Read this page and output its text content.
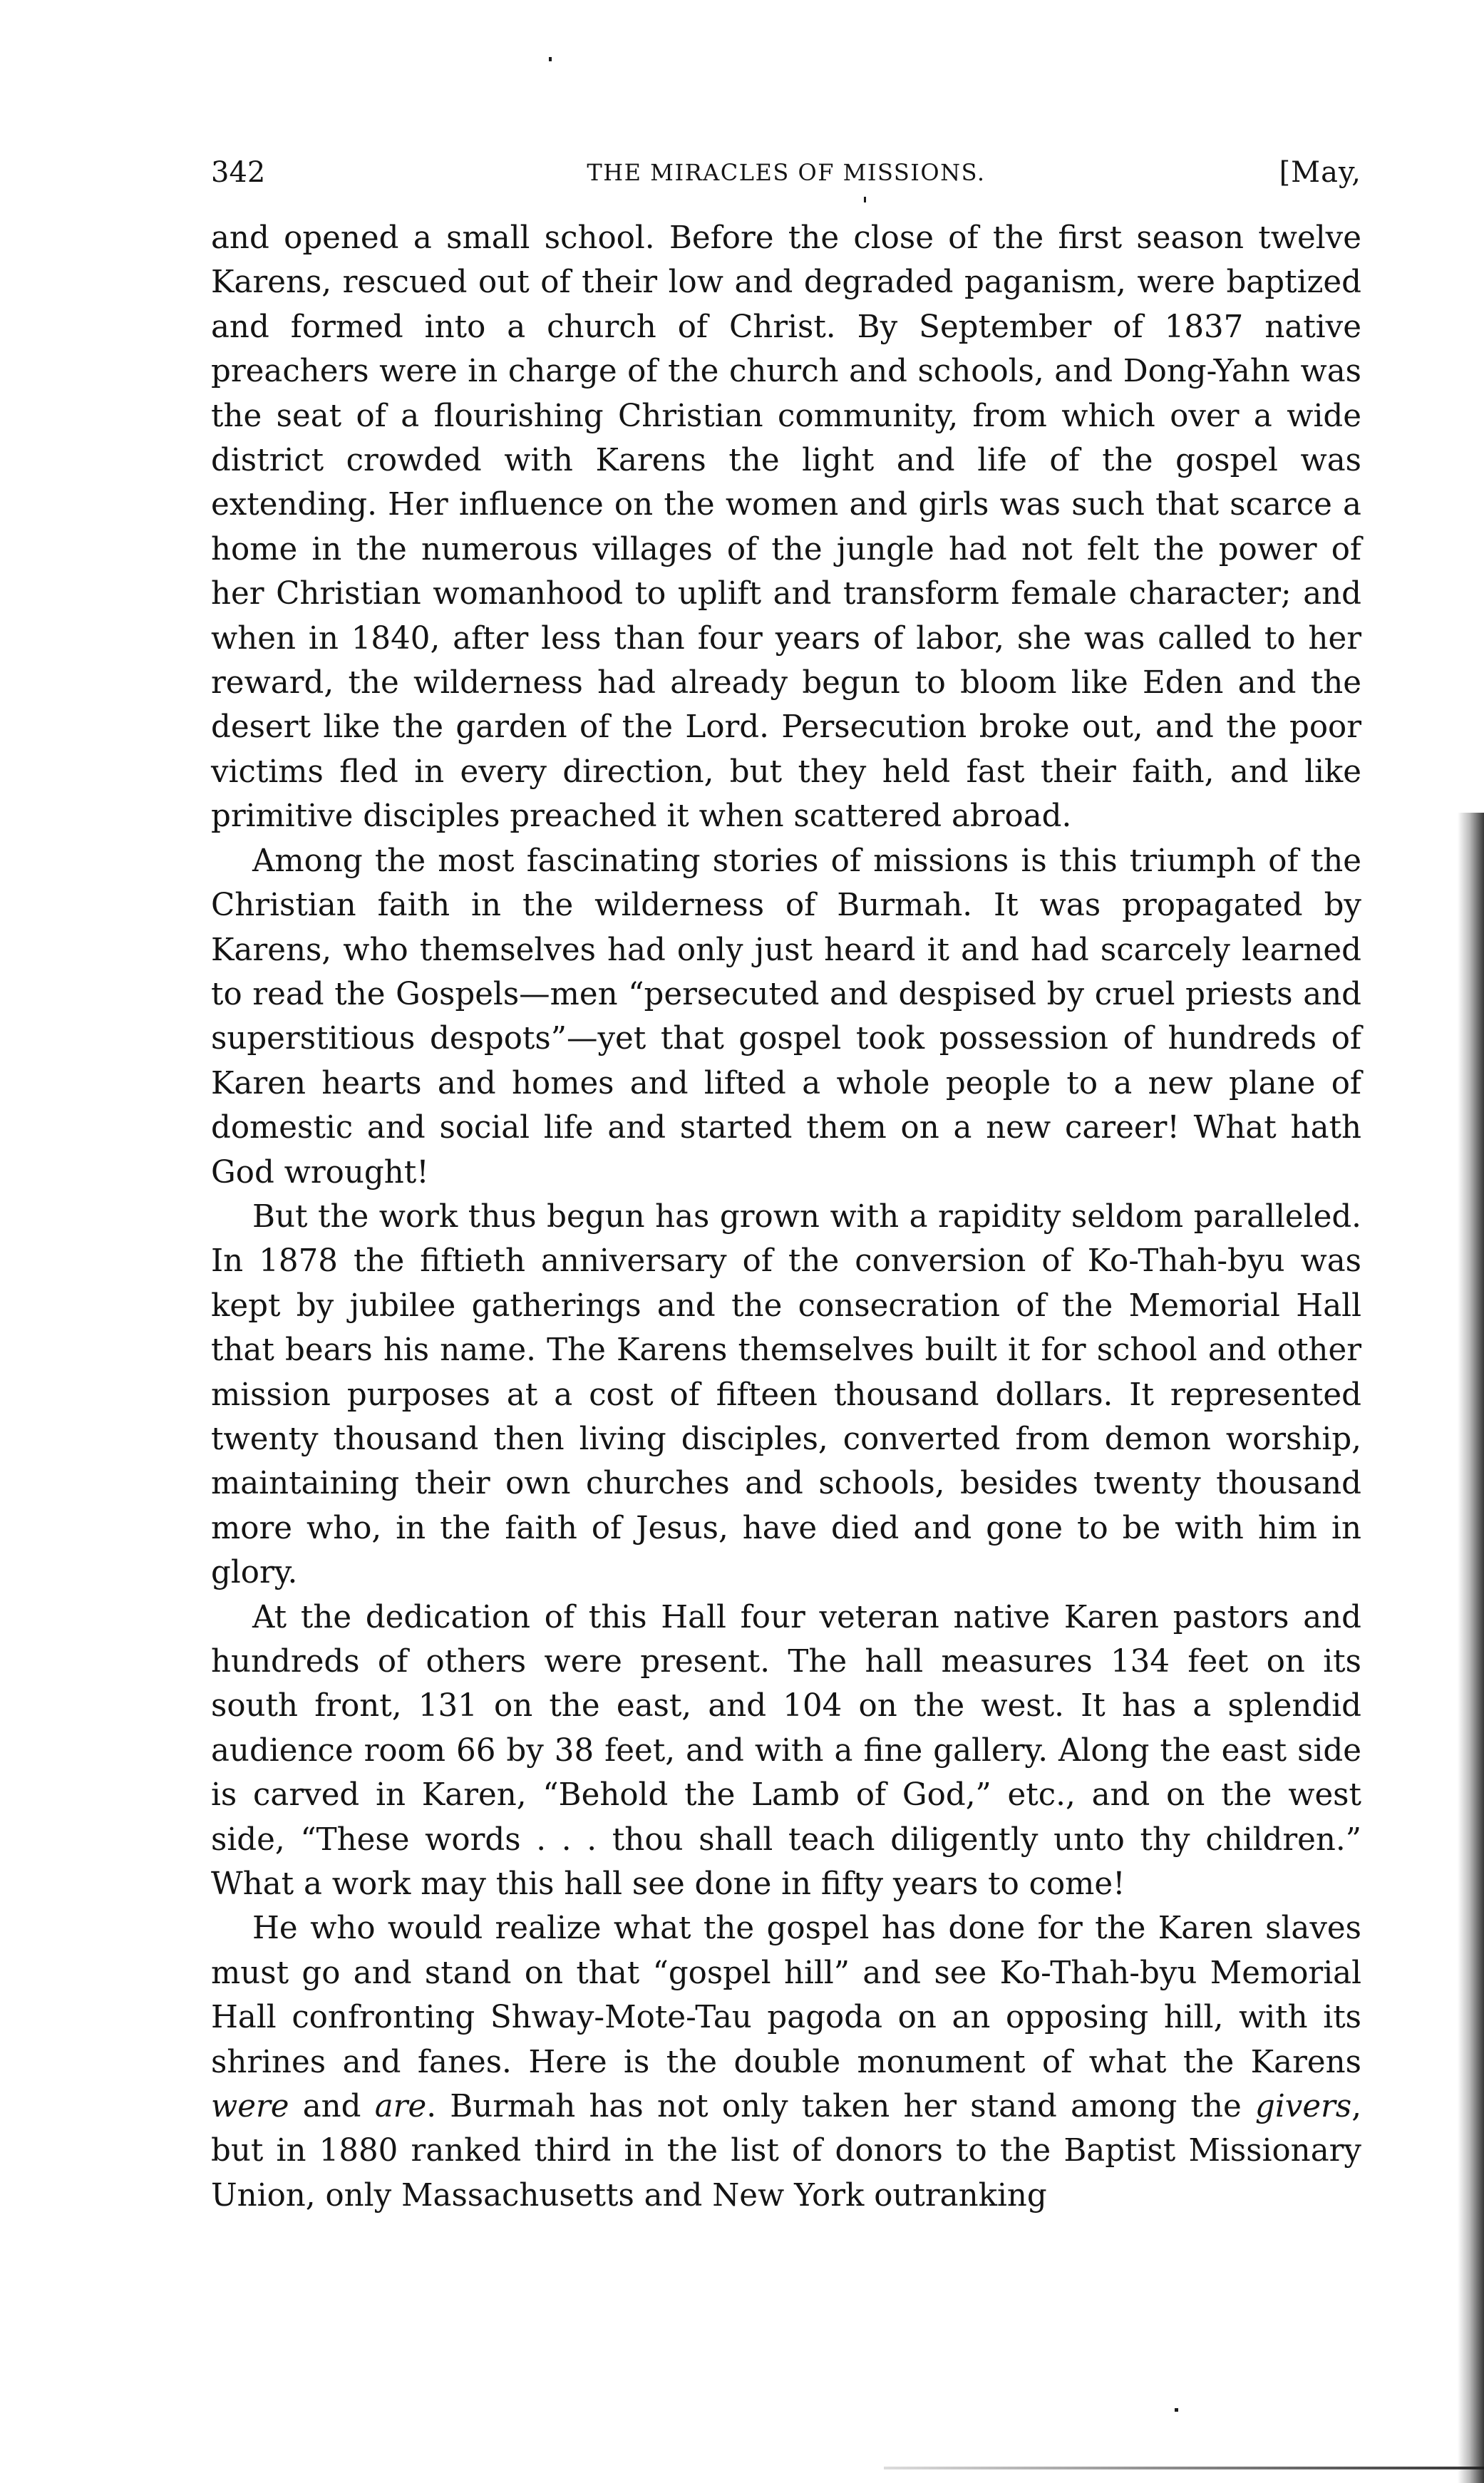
342	THE MIRACLES OF MISSIONS.	[May,

and opened a small school. Before the close of the first season twelve Karens, rescued out of their low and degraded paganism, were baptized and formed into a church of Christ. By September of 1837 native preachers were in charge of the church and schools, and Dong-Yahn was the seat of a flourishing Christian community, from which over a wide district crowded with Karens the light and life of the gospel was extending. Her influence on the women and girls was such that scarce a home in the numerous villages of the jungle had not felt the power of her Christian womanhood to uplift and transform female character; and when in 1840, after less than four years of labor, she was called to her reward, the wilderness had already begun to bloom like Eden and the desert like the garden of the Lord. Persecution broke out, and the poor victims fled in every direction, but they held fast their faith, and like primitive disciples preached it when scattered abroad.

Among the most fascinating stories of missions is this triumph of the Christian faith in the wilderness of Burmah. It was propagated by Karens, who themselves had only just heard it and had scarcely learned to read the Gospels—men “persecuted and despised by cruel priests and superstitious despots”—yet that gospel took possession of hundreds of Karen hearts and homes and lifted a whole people to a new plane of domestic and social life and started them on a new career! What hath God wrought!

But the work thus begun has grown with a rapidity seldom paralleled. In 1878 the fiftieth anniversary of the conversion of Ko-Thah-byu was kept by jubilee gatherings and the consecration of the Memorial Hall that bears his name. The Karens themselves built it for school and other mission purposes at a cost of fifteen thousand dollars. It represented twenty thousand then living disciples, converted from demon worship, maintaining their own churches and schools, besides twenty thousand more who, in the faith of Jesus, have died and gone to be with him in glory.

At the dedication of this Hall four veteran native Karen pastors and hundreds of others were present. The hall measures 134 feet on its south front, 131 on the east, and 104 on the west. It has a splendid audience room 66 by 38 feet, and with a fine gallery. Along the east side is carved in Karen, “Behold the Lamb of God,” etc., and on the west side, “These words . . . thou shall teach diligently unto thy children.” What a work may this hall see done in fifty years to come!

He who would realize what the gospel has done for the Karen slaves must go and stand on that “gospel hill” and see Ko-Thah-byu Memorial Hall confronting Shway-Mote-Tau pagoda on an opposing hill, with its shrines and fanes. Here is the double monument of what the Karens were and are. Burmah has not only taken her stand among the givers, but in 1880 ranked third in the list of donors to the Baptist Missionary Union, only Massachusetts and New York outranking
